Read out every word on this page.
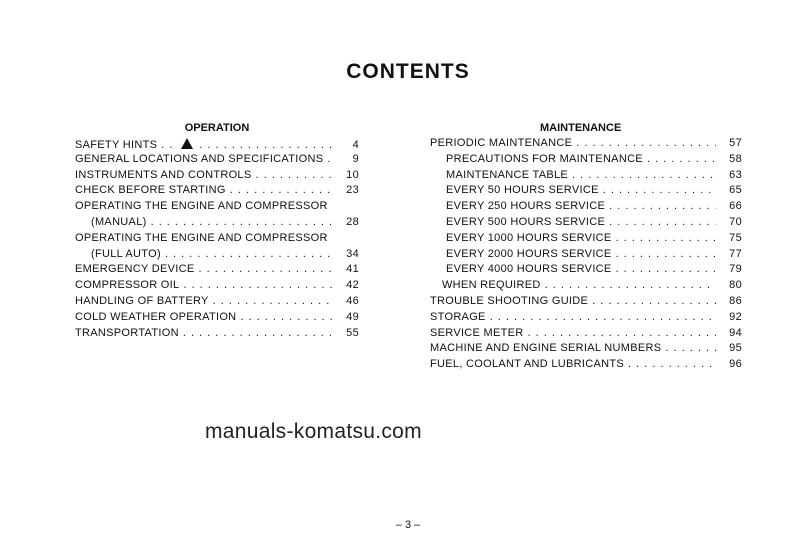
CONTENTS
OPERATION
SAFETY HINTS . . . . . .	4
GENERAL LOCATIONS AND SPECIFICATIONS . . .	9
INSTRUMENTS AND CONTROLS . . .	10
CHECK BEFORE STARTING . . .	23
OPERATING THE ENGINE AND COMPRESSOR
(MANUAL) . . .	28
OPERATING THE ENGINE AND COMPRESSOR
(FULL AUTO) . . .	34
EMERGENCY DEVICE . . .	41
COMPRESSOR OIL . . .	42
HANDLING OF BATTERY . . .	46
COLD WEATHER OPERATION . . .	49
TRANSPORTATION . . .	55
MAINTENANCE
PERIODIC MAINTENANCE . . .	57
PRECAUTIONS FOR MAINTENANCE . . .	58
MAINTENANCE TABLE . . .	63
EVERY 50 HOURS SERVICE . . .	65
EVERY 250 HOURS SERVICE . . .	66
EVERY 500 HOURS SERVICE . . .	70
EVERY 1000 HOURS SERVICE . . .	75
EVERY 2000 HOURS SERVICE . . .	77
EVERY 4000 HOURS SERVICE . . .	79
WHEN REQUIRED . . .	80
TROUBLE SHOOTING GUIDE . . .	86
STORAGE . . .	92
SERVICE METER . . .	94
MACHINE AND ENGINE SERIAL NUMBERS . . .	95
FUEL, COOLANT AND LUBRICANTS . . .	96
manuals-komatsu.com
– 3 –
